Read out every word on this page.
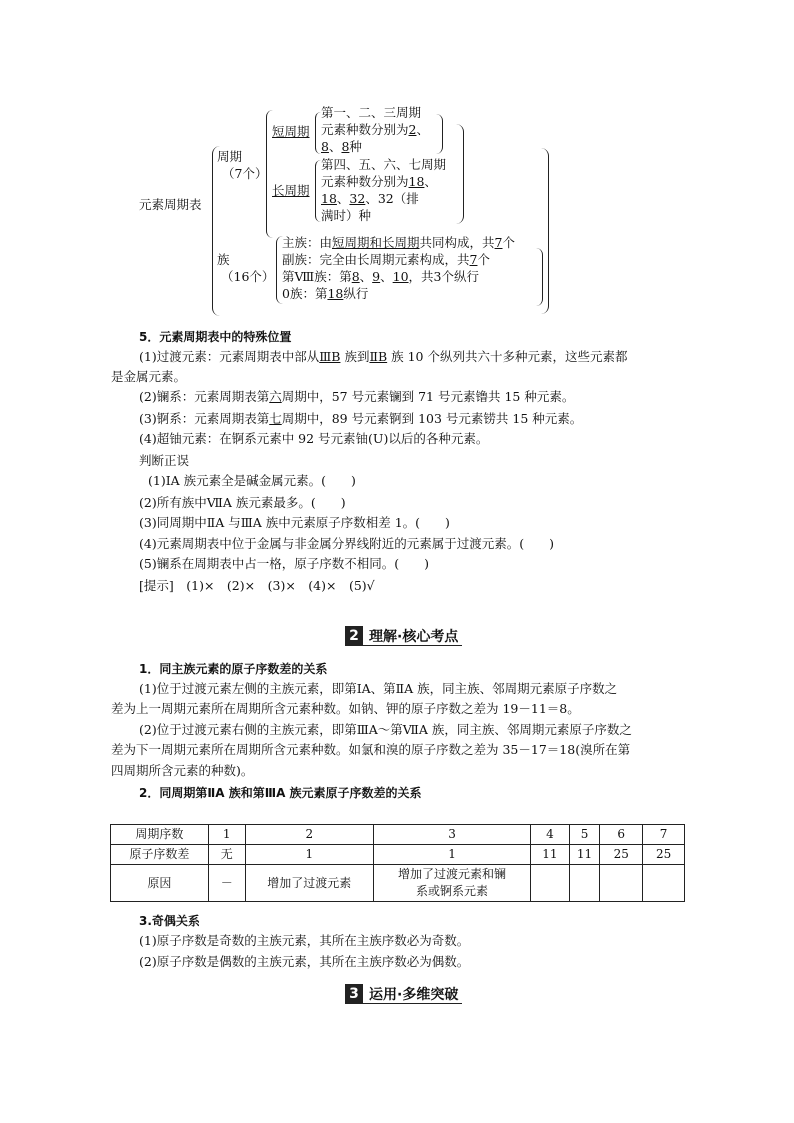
元素周期表
周期
（7个）
短周期
第一、二、三周期
元素种数分别为2、
8、8种
长周期
第四、五、六、七周期
元素种数分别为18、
18、32、32（排
满时）种
族
（16个）
主族：由短周期和长周期共同构成，共7个
副族：完全由长周期元素构成，共7个
第Ⅷ族：第8、9、10，共3个纵行
0族：第18纵行
5．元素周期表中的特殊位置
(1)过渡元素：元素周期表中部从ⅢB 族到ⅡB 族 10 个纵列共六十多种元素，这些元素都
是金属元素。
(2)镧系：元素周期表第六周期中，57 号元素镧到 71 号元素镥共 15 种元素。
(3)锕系：元素周期表第七周期中，89 号元素锕到 103 号元素铹共 15 种元素。
(4)超铀元素：在锕系元素中 92 号元素铀(U)以后的各种元素。
判断正误
(1)ⅠA 族元素全是碱金属元素。(　　)
(2)所有族中ⅦA 族元素最多。(　　)
(3)同周期中ⅡA 与ⅢA 族中元素原子序数相差 1。(　　)
(4)元素周期表中位于金属与非金属分界线附近的元素属于过渡元素。(　　)
(5)镧系在周期表中占一格，原子序数不相同。(　　)
[提示]　(1)×　(2)×　(3)×　(4)×　(5)√
2 理解·核心考点
1．同主族元素的原子序数差的关系
(1)位于过渡元素左侧的主族元素，即第ⅠA、第ⅡA 族，同主族、邻周期元素原子序数之
差为上一周期元素所在周期所含元素种数。如钠、钾的原子序数之差为 19－11＝8。
(2)位于过渡元素右侧的主族元素，即第ⅢA～第ⅦA 族，同主族、邻周期元素原子序数之
差为下一周期元素所在周期所含元素种数。如氯和溴的原子序数之差为 35－17＝18(溴所在第
四周期所含元素的种数)。
2．同周期第ⅡA 族和第ⅢA 族元素原子序数差的关系
周期序数	1	2	3	4	5	6	7
原子序数差	无	1	1	11	11	25	25
原因	－	增加了过渡元素	增加了过渡元素和镧
系或锕系元素				

3.奇偶关系
(1)原子序数是奇数的主族元素，其所在主族序数必为奇数。
(2)原子序数是偶数的主族元素，其所在主族序数必为偶数。
3 运用·多维突破
